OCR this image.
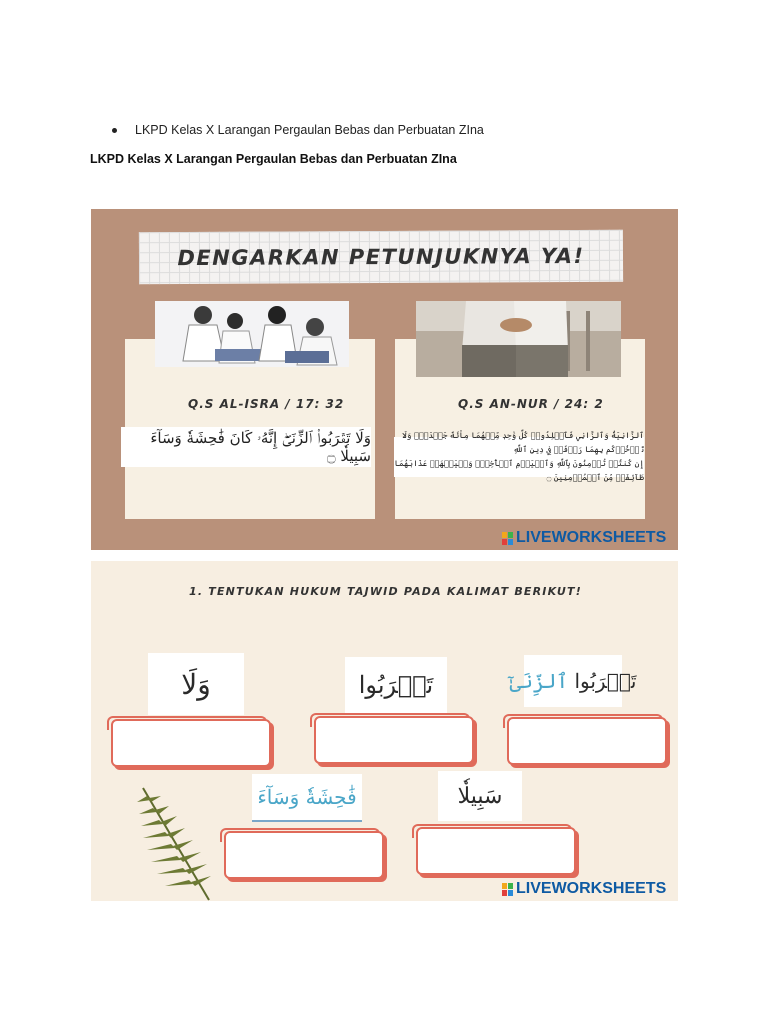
LKPD Kelas X Larangan Pergaulan Bebas dan Perbuatan ZIna
LKPD Kelas X Larangan Pergaulan Bebas dan Perbuatan ZIna
DENGARKAN PETUNJUKNYA YA!
Q.S AL-ISRA / 17: 32	Q.S AN-NUR / 24: 2
وَلَا تَقۡرَبُوا۟ ٱلزِّنَىٰٓۖ إِنَّهُۥ كَانَ فَٰحِشَةٗ وَسَآءَ سَبِيلٗا ۝
ٱلزَّانِيَةُ وَٱلزَّانِي فَٱجۡلِدُوا۟ كُلَّ وَٰحِدٖ مِّنۡهُمَا مِاْئَةَ جَلۡدَةٖۖ وَلَا تَأۡخُذۡكُم بِهِمَا رَأۡفَةٞ فِي دِينِ ٱللَّهِ
إِن كُنتُمۡ تُؤۡمِنُونَ بِٱللَّهِ وَٱلۡيَوۡمِ ٱلۡأٓخِرِۖ وَلۡيَشۡهَدۡ عَذَابَهُمَا طَآئِفَةٞ مِّنَ ٱلۡمُؤۡمِنِينَ ۝
LIVEWORKSHEETS
1. TENTUKAN HUKUM TAJWID PADA KALIMAT BERIKUT!
وَلَا	تَقۡرَبُوا	تَقۡرَبُوا

ٱلزِّنَىٰٓ
فَٰحِشَةٗ وَسَآءَ	سَبِيلٗا
LIVEWORKSHEETS
